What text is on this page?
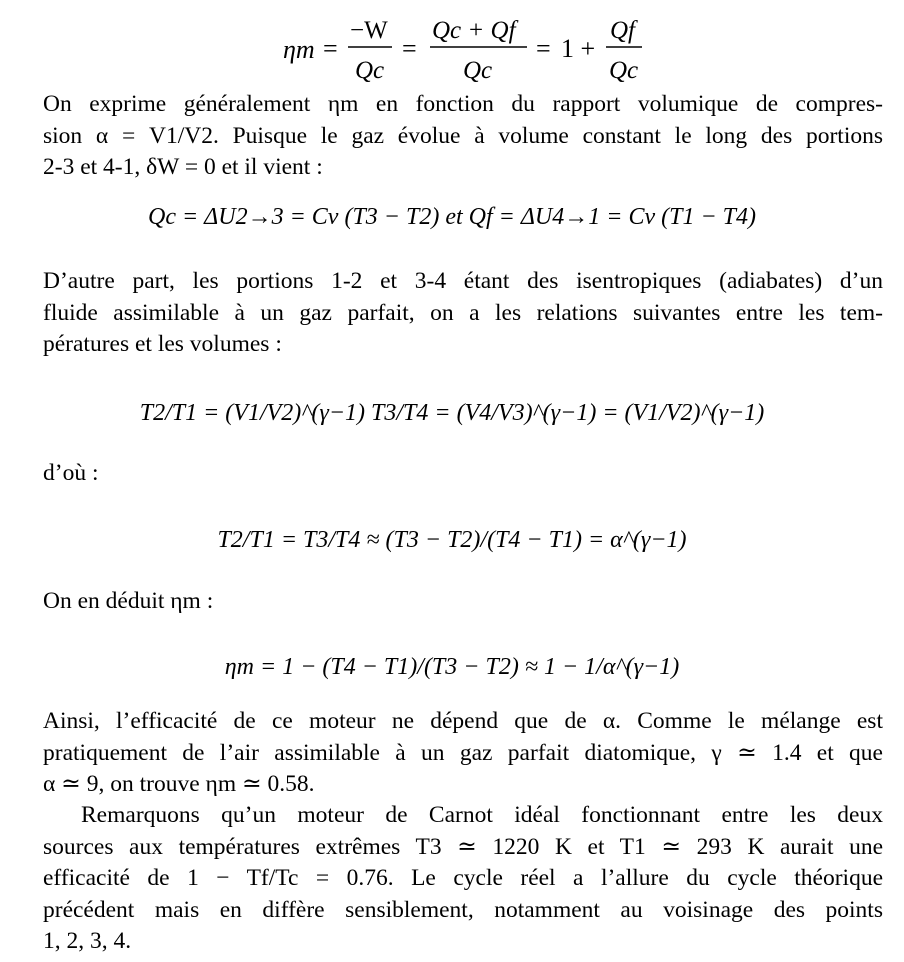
ηm =
−W
Qc
=
Qc + Qf
Qc
= 1 +
Qf
Qc
On exprime généralement ηm en fonction du rapport volumique de compres-
sion α = V1/V2. Puisque le gaz évolue à volume constant le long des portions
2-3 et 4-1, δW = 0 et il vient :
Qc = ΔU2→3 = Cv (T3 − T2) et Qf = ΔU4→1 = Cv (T1 − T4)
D’autre part, les portions 1-2 et 3-4 étant des isentropiques (adiabates) d’un
fluide assimilable à un gaz parfait, on a les relations suivantes entre les tem-
pératures et les volumes :
T2/T1 = (V1/V2)^(γ−1) T3/T4 = (V4/V3)^(γ−1) = (V1/V2)^(γ−1)
d’où :
T2/T1 = T3/T4 ≈ (T3 − T2)/(T4 − T1) = α^(γ−1)
On en déduit ηm :
ηm = 1 − (T4 − T1)/(T3 − T2) ≈ 1 − 1/α^(γ−1)
Ainsi, l’efficacité de ce moteur ne dépend que de α. Comme le mélange est
pratiquement de l’air assimilable à un gaz parfait diatomique, γ ≃ 1.4 et que
α ≃ 9, on trouve ηm ≃ 0.58.
Remarquons qu’un moteur de Carnot idéal fonctionnant entre les deux
sources aux températures extrêmes T3 ≃ 1220 K et T1 ≃ 293 K aurait une
efficacité de 1 − Tf/Tc = 0.76. Le cycle réel a l’allure du cycle théorique
précédent mais en diffère sensiblement, notamment au voisinage des points
1, 2, 3, 4.
